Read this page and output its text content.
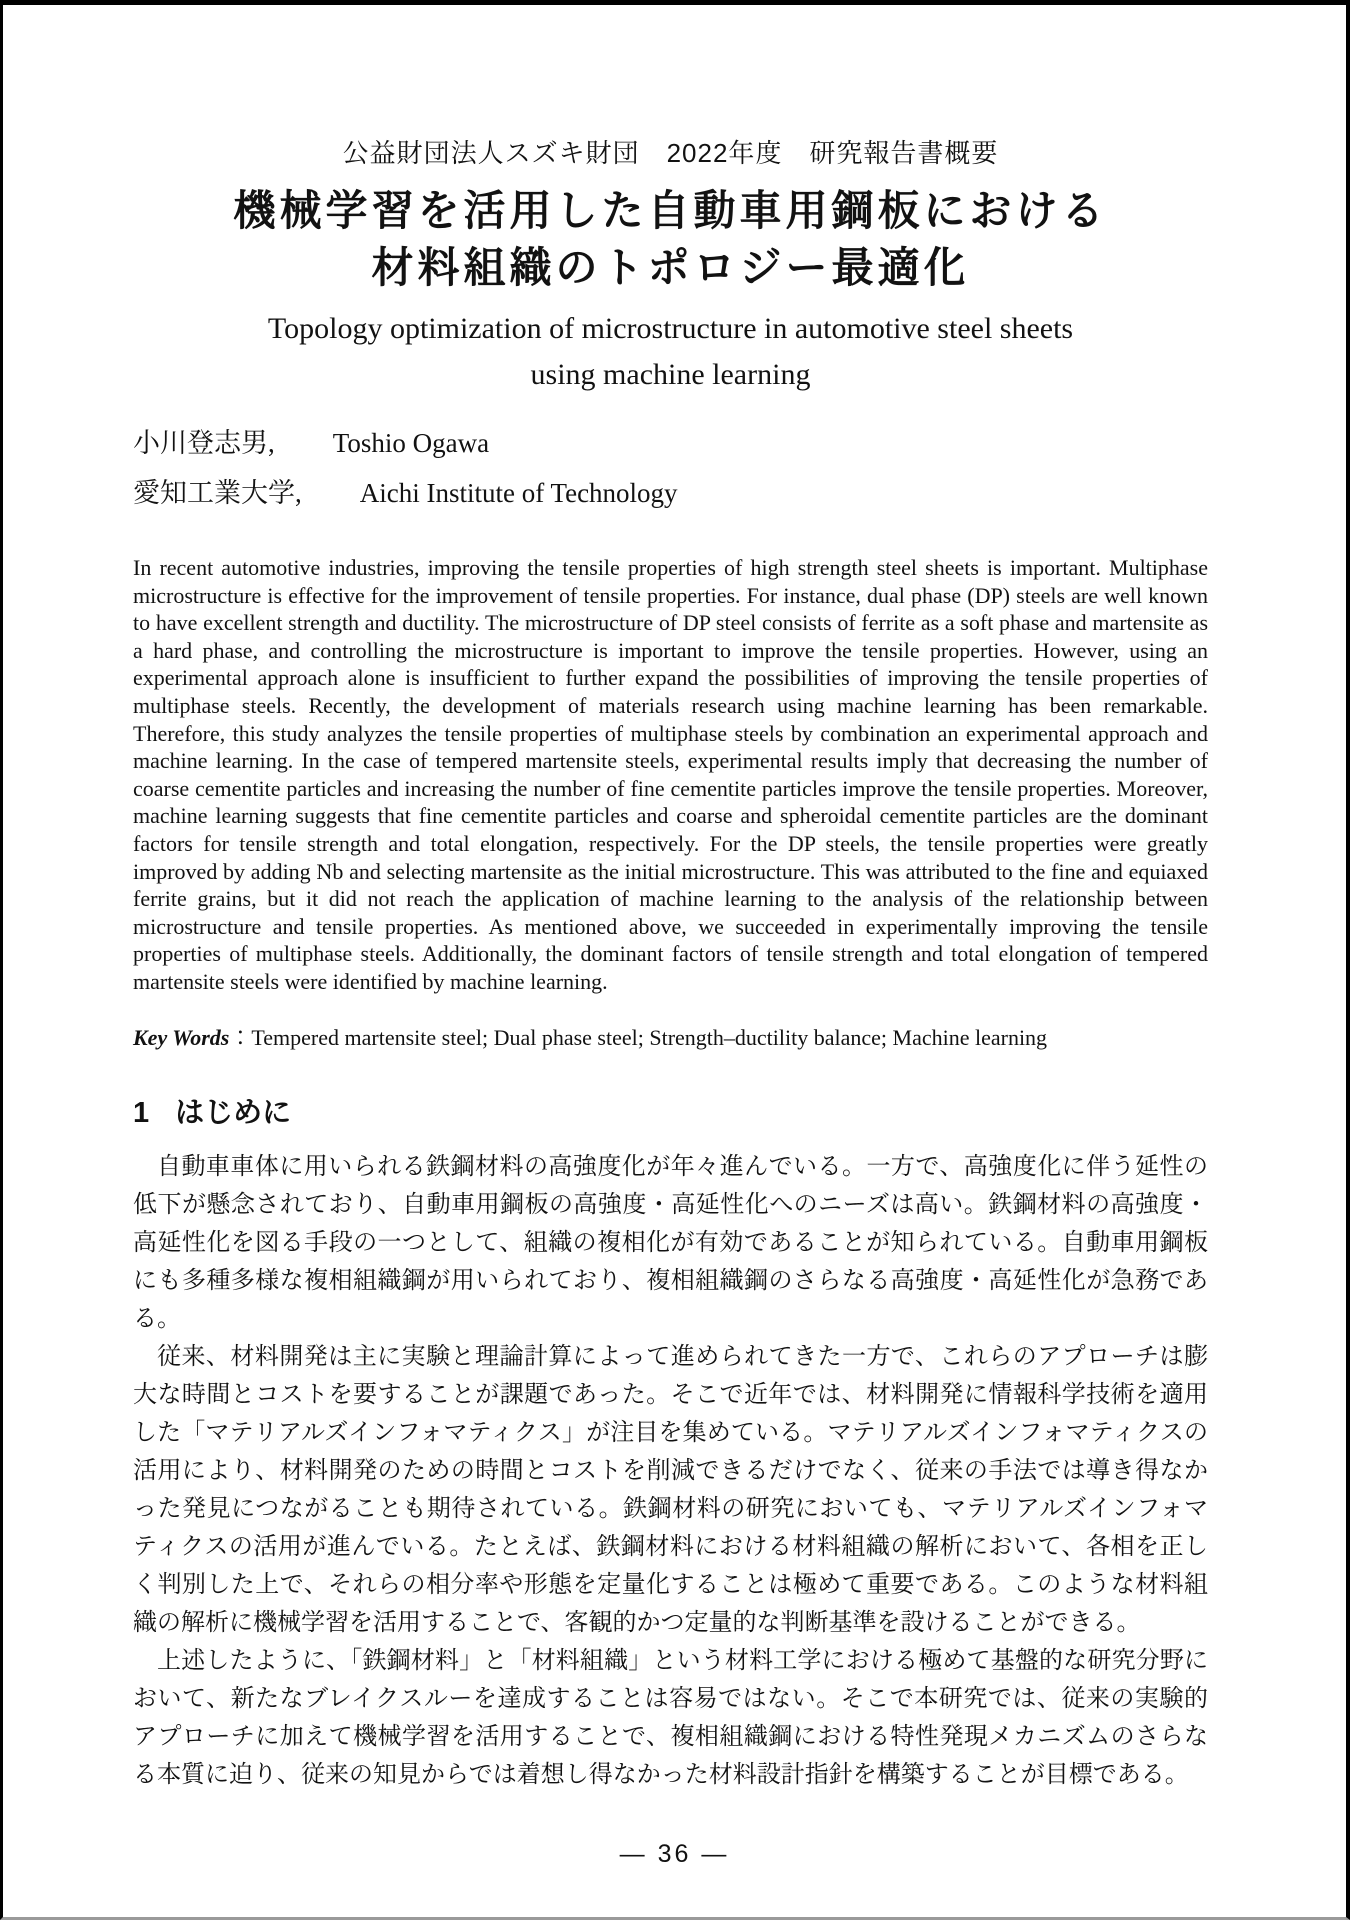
公益財団法人スズキ財団　2022年度　研究報告書概要
機械学習を活用した自動車用鋼板における
材料組織のトポロジー最適化
Topology optimization of microstructure in automotive steel sheets
using machine learning
小川登志男, Toshio Ogawa
愛知工業大学, Aichi Institute of Technology
In recent automotive industries, improving the tensile properties of high strength steel sheets is important. Multiphase microstructure is effective for the improvement of tensile properties. For instance, dual phase (DP) steels are well known to have excellent strength and ductility. The microstructure of DP steel consists of ferrite as a soft phase and martensite as a hard phase, and controlling the microstructure is important to improve the tensile properties. However, using an experimental approach alone is insufficient to further expand the possibilities of improving the tensile properties of multiphase steels. Recently, the development of materials research using machine learning has been remarkable. Therefore, this study analyzes the tensile properties of multiphase steels by combination an experimental approach and machine learning. In the case of tempered martensite steels, experimental results imply that decreasing the number of coarse cementite particles and increasing the number of fine cementite particles improve the tensile properties. Moreover, machine learning suggests that fine cementite particles and coarse and spheroidal cementite particles are the dominant factors for tensile strength and total elongation, respectively. For the DP steels, the tensile properties were greatly improved by adding Nb and selecting martensite as the initial microstructure. This was attributed to the fine and equiaxed ferrite grains, but it did not reach the application of machine learning to the analysis of the relationship between microstructure and tensile properties. As mentioned above, we succeeded in experimentally improving the tensile properties of multiphase steels. Additionally, the dominant factors of tensile strength and total elongation of tempered martensite steels were identified by machine learning.
Key Words：Tempered martensite steel; Dual phase steel; Strength–ductility balance; Machine learning
1 はじめに

自動車車体に用いられる鉄鋼材料の高強度化が年々進んでいる。一方で、高強度化に伴う延性の低下が懸念されており、自動車用鋼板の高強度・高延性化へのニーズは高い。鉄鋼材料の高強度・高延性化を図る手段の一つとして、組織の複相化が有効であることが知られている。自動車用鋼板にも多種多様な複相組織鋼が用いられており、複相組織鋼のさらなる高強度・高延性化が急務である。

従来、材料開発は主に実験と理論計算によって進められてきた一方で、これらのアプローチは膨大な時間とコストを要することが課題であった。そこで近年では、材料開発に情報科学技術を適用した「マテリアルズインフォマティクス」が注目を集めている。マテリアルズインフォマティクスの活用により、材料開発のための時間とコストを削減できるだけでなく、従来の手法では導き得なかった発見につながることも期待されている。鉄鋼材料の研究においても、マテリアルズインフォマティクスの活用が進んでいる。たとえば、鉄鋼材料における材料組織の解析において、各相を正しく判別した上で、それらの相分率や形態を定量化することは極めて重要である。このような材料組織の解析に機械学習を活用することで、客観的かつ定量的な判断基準を設けることができる。

上述したように、「鉄鋼材料」と「材料組織」という材料工学における極めて基盤的な研究分野において、新たなブレイクスルーを達成することは容易ではない。そこで本研究では、従来の実験的アプローチに加えて機械学習を活用することで、複相組織鋼における特性発現メカニズムのさらなる本質に迫り、従来の知見からでは着想し得なかった材料設計指針を構築することが目標である。

— 36 —
